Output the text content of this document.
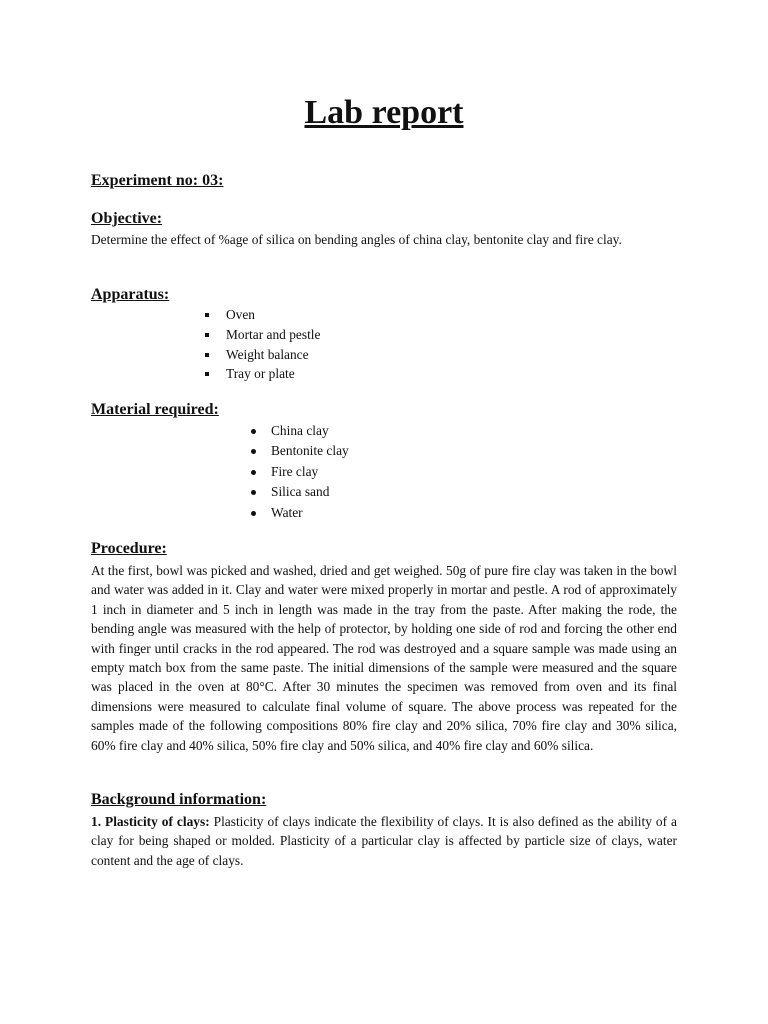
Lab report
Experiment no: 03:
Objective:
Determine the effect of %age of silica on bending angles of china clay, bentonite clay and fire clay.
Apparatus:
Oven
Mortar and pestle
Weight balance
Tray or plate
Material required:
China clay
Bentonite clay
Fire clay
Silica sand
Water
Procedure:
At the first, bowl was picked and washed, dried and get weighed. 50g of pure fire clay was taken in the bowl and water was added in it. Clay and water were mixed properly in mortar and pestle. A rod of approximately 1 inch in diameter and 5 inch in length was made in the tray from the paste. After making the rode, the bending angle was measured with the help of protector, by holding one side of rod and forcing the other end with finger until cracks in the rod appeared. The rod was destroyed and a square sample was made using an empty match box from the same paste. The initial dimensions of the sample were measured and the square was placed in the oven at 80°C. After 30 minutes the specimen was removed from oven and its final dimensions were measured to calculate final volume of square. The above process was repeated for the samples made of the following compositions 80% fire clay and 20% silica, 70% fire clay and 30% silica, 60% fire clay and 40% silica, 50% fire clay and 50% silica, and 40% fire clay and 60% silica.
Background information:
1. Plasticity of clays: Plasticity of clays indicate the flexibility of clays. It is also defined as the ability of a clay for being shaped or molded. Plasticity of a particular clay is affected by particle size of clays, water content and the age of clays.
